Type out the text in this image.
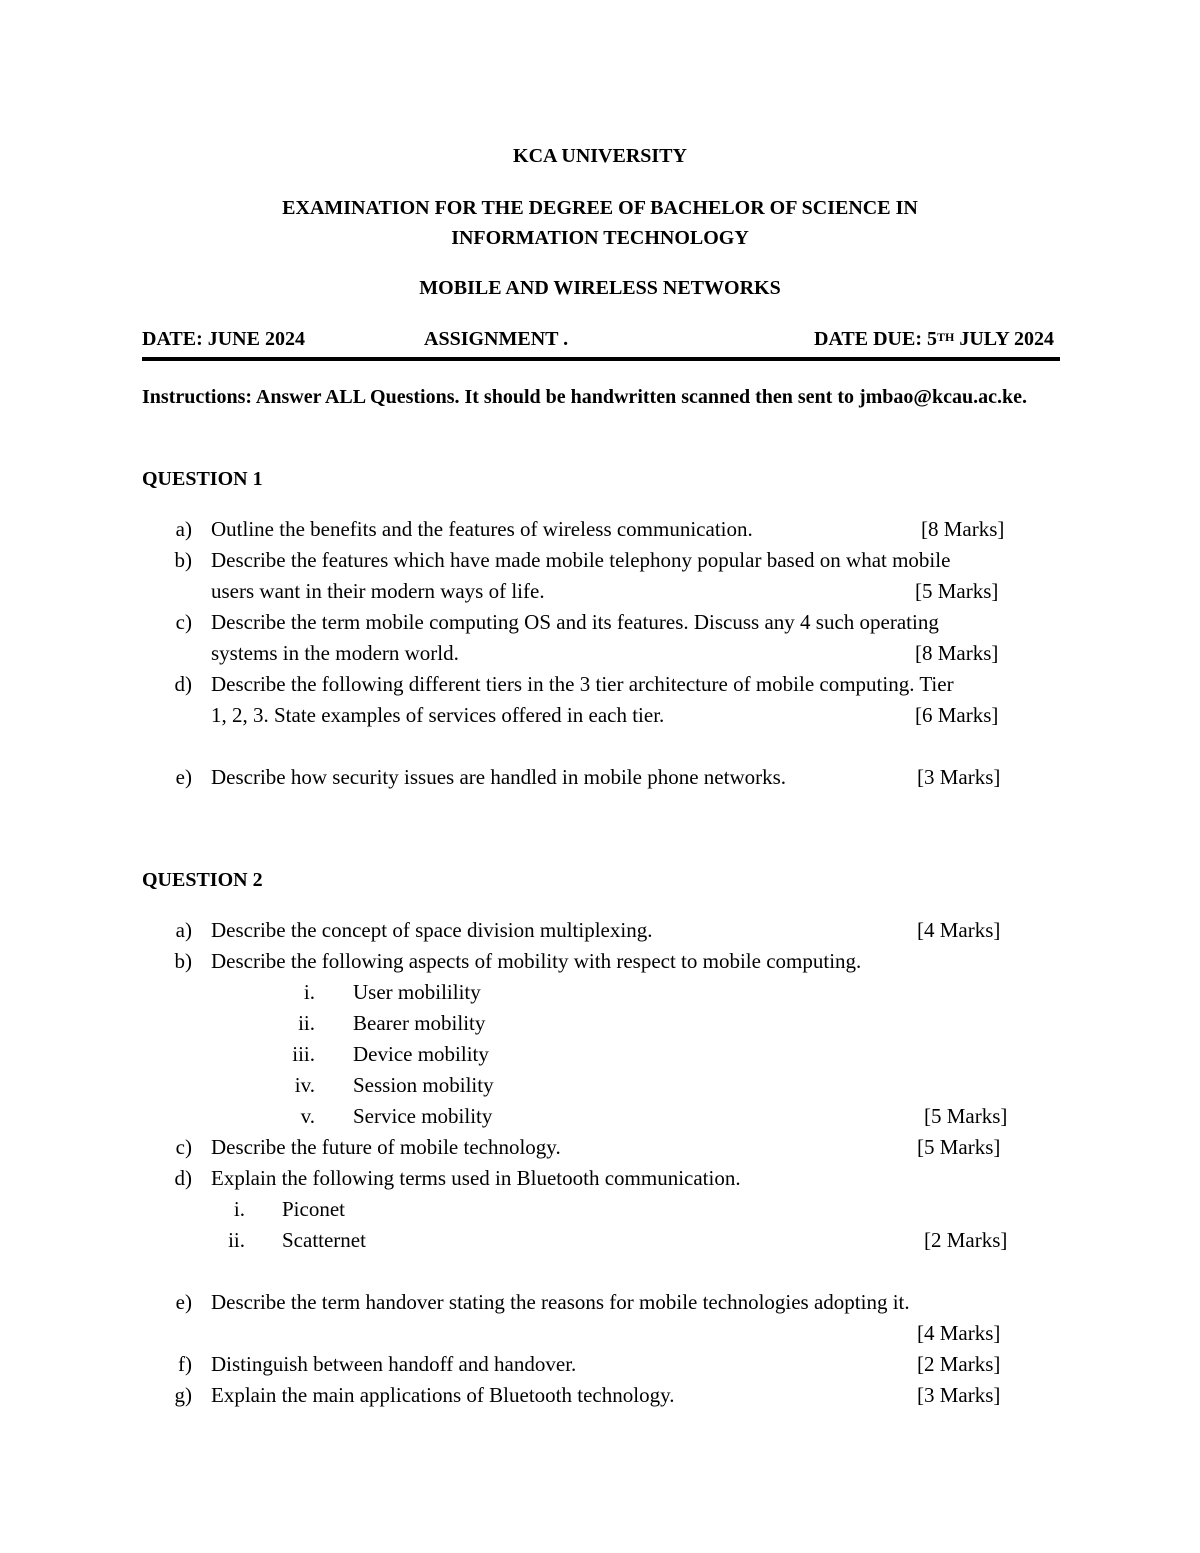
KCA UNIVERSITY
EXAMINATION FOR THE DEGREE OF BACHELOR OF SCIENCE IN
INFORMATION TECHNOLOGY
MOBILE AND WIRELESS NETWORKS
DATE: JUNE 2024	ASSIGNMENT .	DATE DUE: 5TH JULY 2024
Instructions: Answer ALL Questions. It should be handwritten scanned then sent to jmbao@kcau.ac.ke.
QUESTION 1
a) Outline the benefits and the features of wireless communication.	[8 Marks]
b) Describe the features which have made mobile telephony popular based on what mobile
users want in their modern ways of life.	[5 Marks]
c) Describe the term mobile computing OS and its features. Discuss any 4 such operating
systems in the modern world.	[8 Marks]
d) Describe the following different tiers in the 3 tier architecture of mobile computing. Tier
1, 2, 3. State examples of services offered in each tier.	[6 Marks]
e) Describe how security issues are handled in mobile phone networks.	[3 Marks]
QUESTION 2
a) Describe the concept of space division multiplexing.	[4 Marks]
b) Describe the following aspects of mobility with respect to mobile computing.
i. User mobilility
ii. Bearer mobility
iii. Device mobility
iv. Session mobility
v. Service mobility	[5 Marks]
c) Describe the future of mobile technology.	[5 Marks]
d) Explain the following terms used in Bluetooth communication.
i. Piconet
ii. Scatternet	[2 Marks]
e) Describe the term handover stating the reasons for mobile technologies adopting it.
[4 Marks]
f) Distinguish between handoff and handover.	[2 Marks]
g) Explain the main applications of Bluetooth technology.	[3 Marks]
